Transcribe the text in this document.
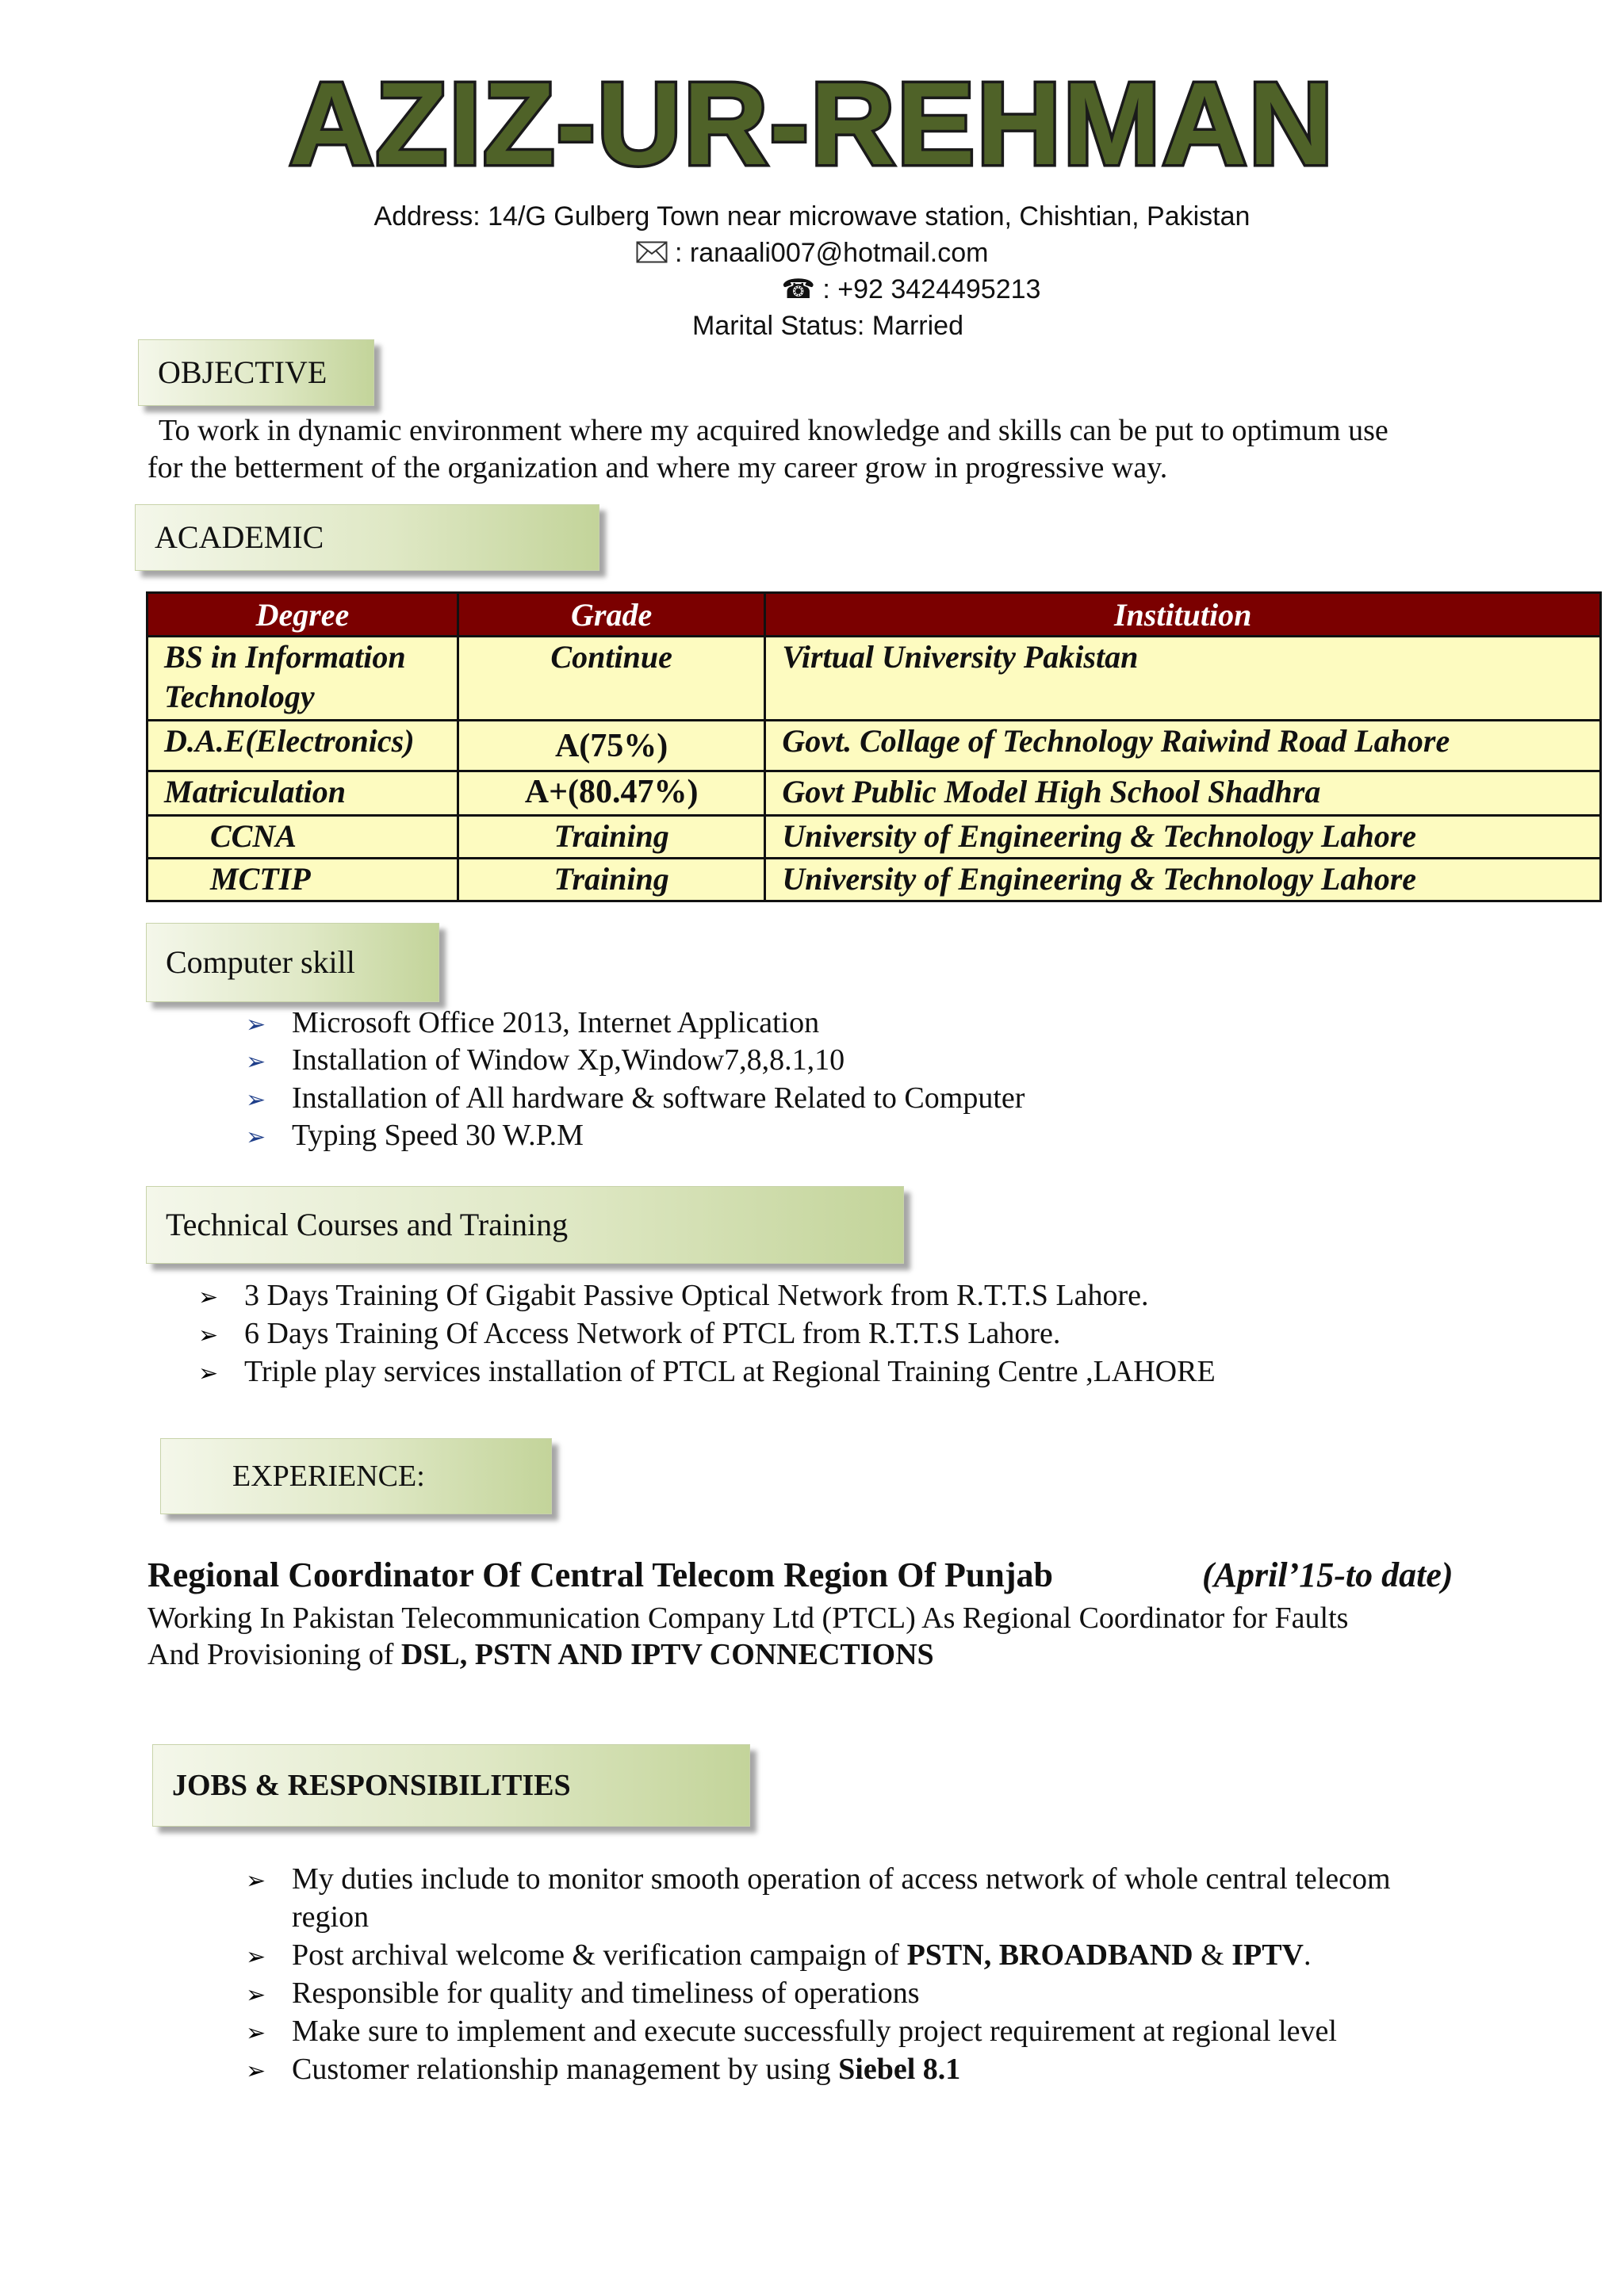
AZIZ-UR-REHMAN
Address: 14/G Gulberg Town near microwave station, Chishtian, Pakistan
: ranaali007@hotmail.com
☎ : +92 3424495213
Marital Status: Married
OBJECTIVE
To work in dynamic environment where my acquired knowledge and skills can be put to optimum use
for the betterment of the organization and where my career grow in progressive way.
ACADEMIC
Degree	Grade	Institution
BS in Information Technology	Continue	Virtual University Pakistan
D.A.E(Electronics)	A(75%)	Govt. Collage of Technology Raiwind Road Lahore
Matriculation	A+(80.47%)	Govt Public Model High School Shadhra
CCNA	Training	University of Engineering & Technology Lahore
MCTIP	Training	University of Engineering & Technology Lahore
Computer skill
➢ Microsoft Office 2013, Internet Application
➢ Installation of Window Xp,Window7,8,8.1,10
➢ Installation of All hardware & software Related to Computer
➢ Typing Speed 30 W.P.M
Technical Courses and Training
➢ 3 Days Training Of Gigabit Passive Optical Network from R.T.T.S Lahore.
➢ 6 Days Training Of Access Network of PTCL from R.T.T.S Lahore.
➢ Triple play services installation of PTCL at Regional Training Centre ,LAHORE
EXPERIENCE:
Regional Coordinator Of Central Telecom Region Of Punjab	(April’15-to date)
Working In Pakistan Telecommunication Company Ltd (PTCL) As Regional Coordinator for Faults
And Provisioning of DSL, PSTN AND IPTV CONNECTIONS
JOBS & RESPONSIBILITIES
➢ My duties include to monitor smooth operation of access network of whole central telecom
region
➢ Post archival welcome & verification campaign of PSTN, BROADBAND & IPTV.
➢ Responsible for quality and timeliness of operations
➢ Make sure to implement and execute successfully project requirement at regional level
➢ Customer relationship management by using Siebel 8.1
